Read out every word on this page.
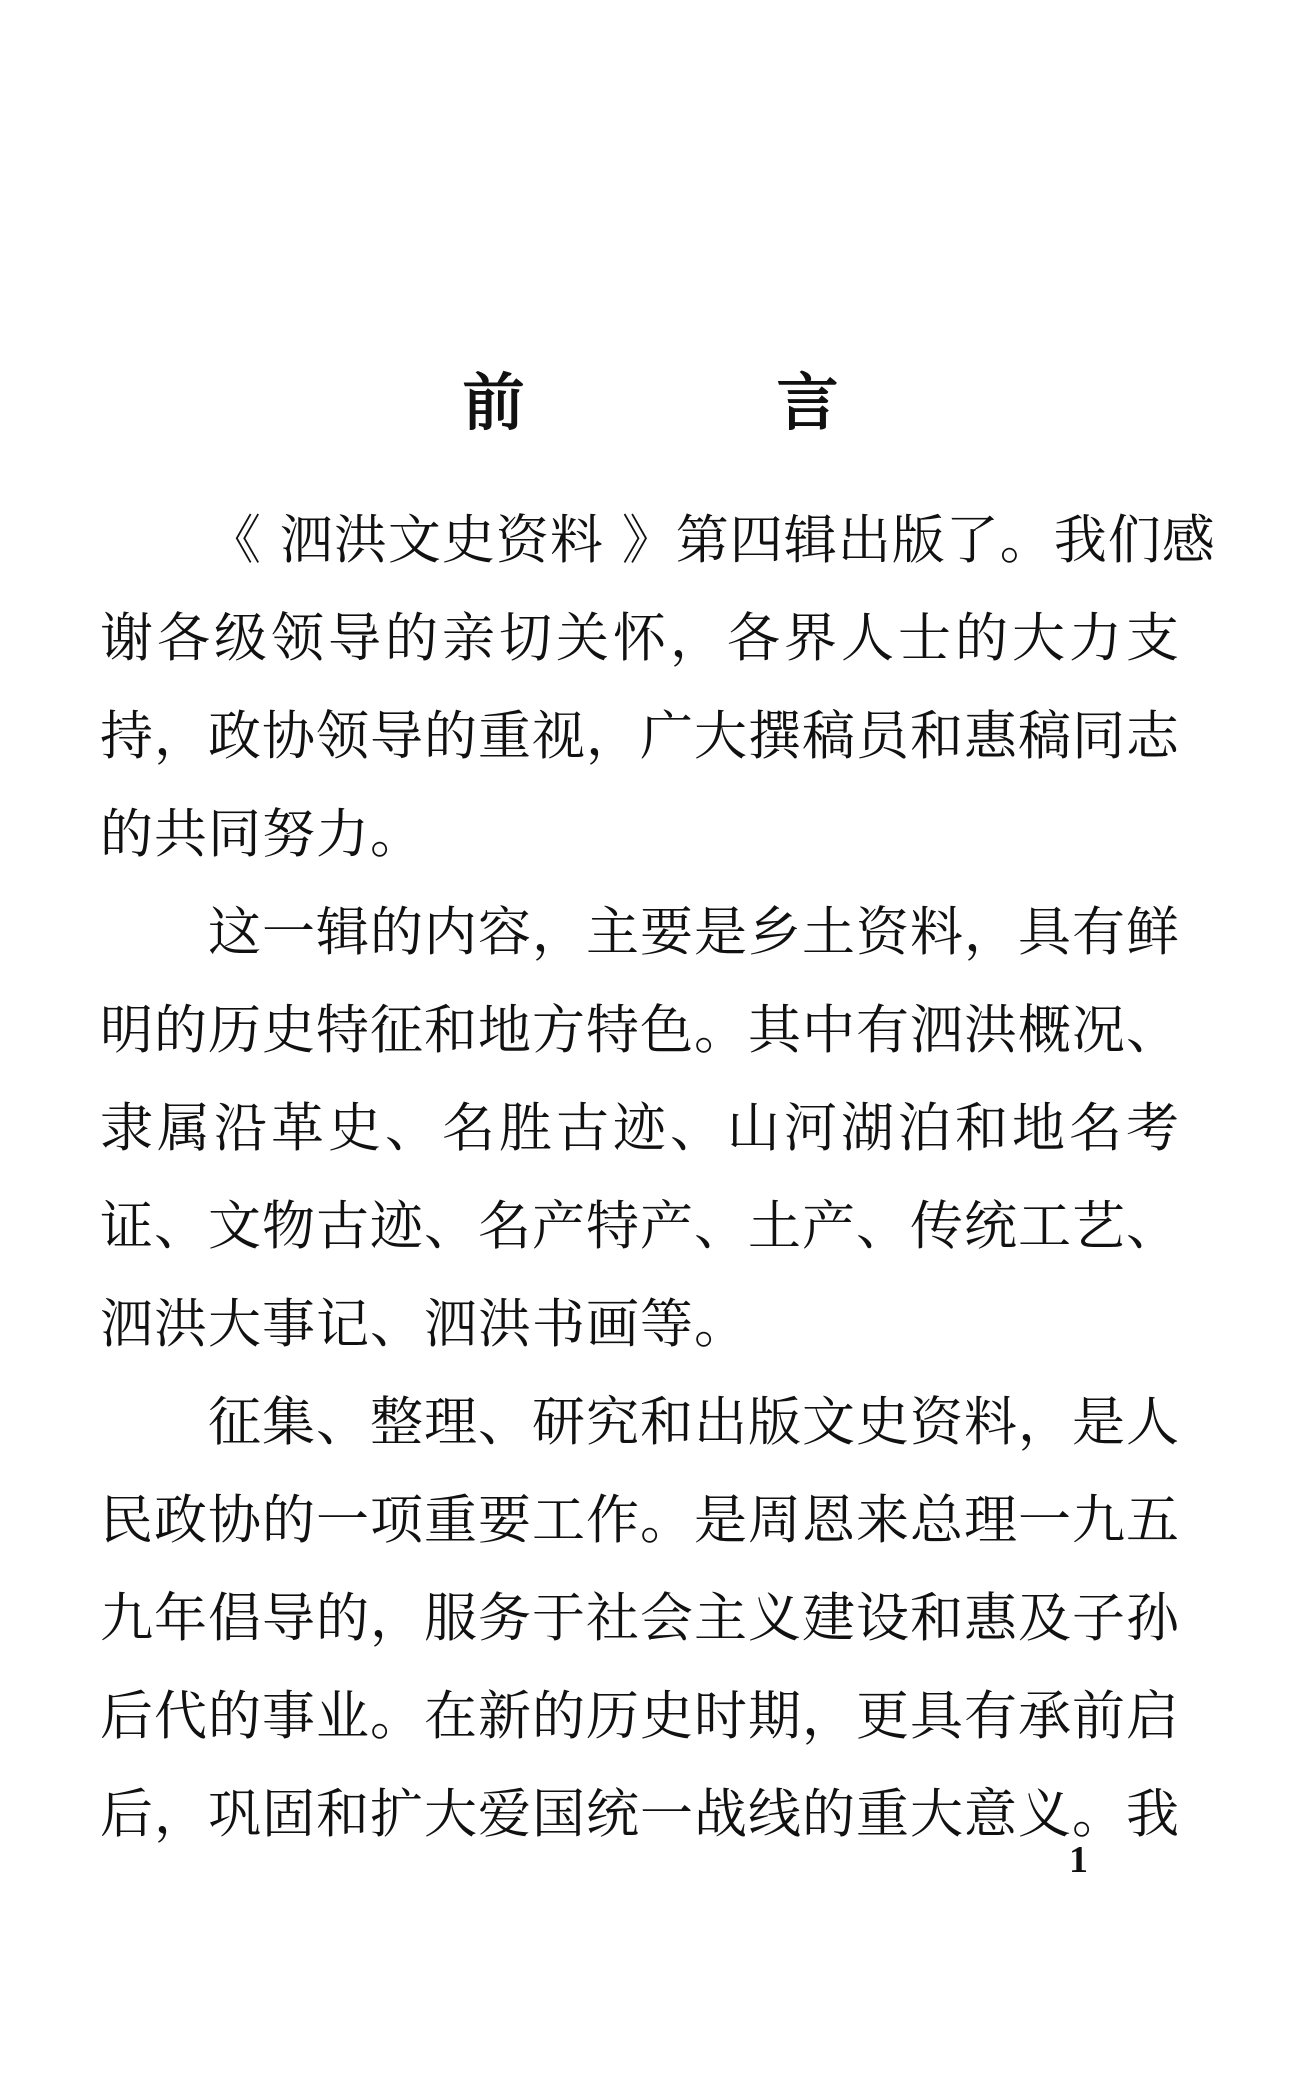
前　言
《 泗洪文史资料 》第四辑出版了。我们感
谢各级领导的亲切关怀，各界人士的大力支
持，政协领导的重视，广大撰稿员和惠稿同志
的共同努力。
这一辑的内容，主要是乡土资料，具有鲜
明的历史特征和地方特色。其中有泗洪概况、
隶属沿革史、名胜古迹、山河湖泊和地名考
证、文物古迹、名产特产、土产、传统工艺、
泗洪大事记、泗洪书画等。
征集、整理、研究和出版文史资料，是人
民政协的一项重要工作。是周恩来总理一九五
九年倡导的，服务于社会主义建设和惠及子孙
后代的事业。在新的历史时期，更具有承前启
后，巩固和扩大爱国统一战线的重大意义。我
1
